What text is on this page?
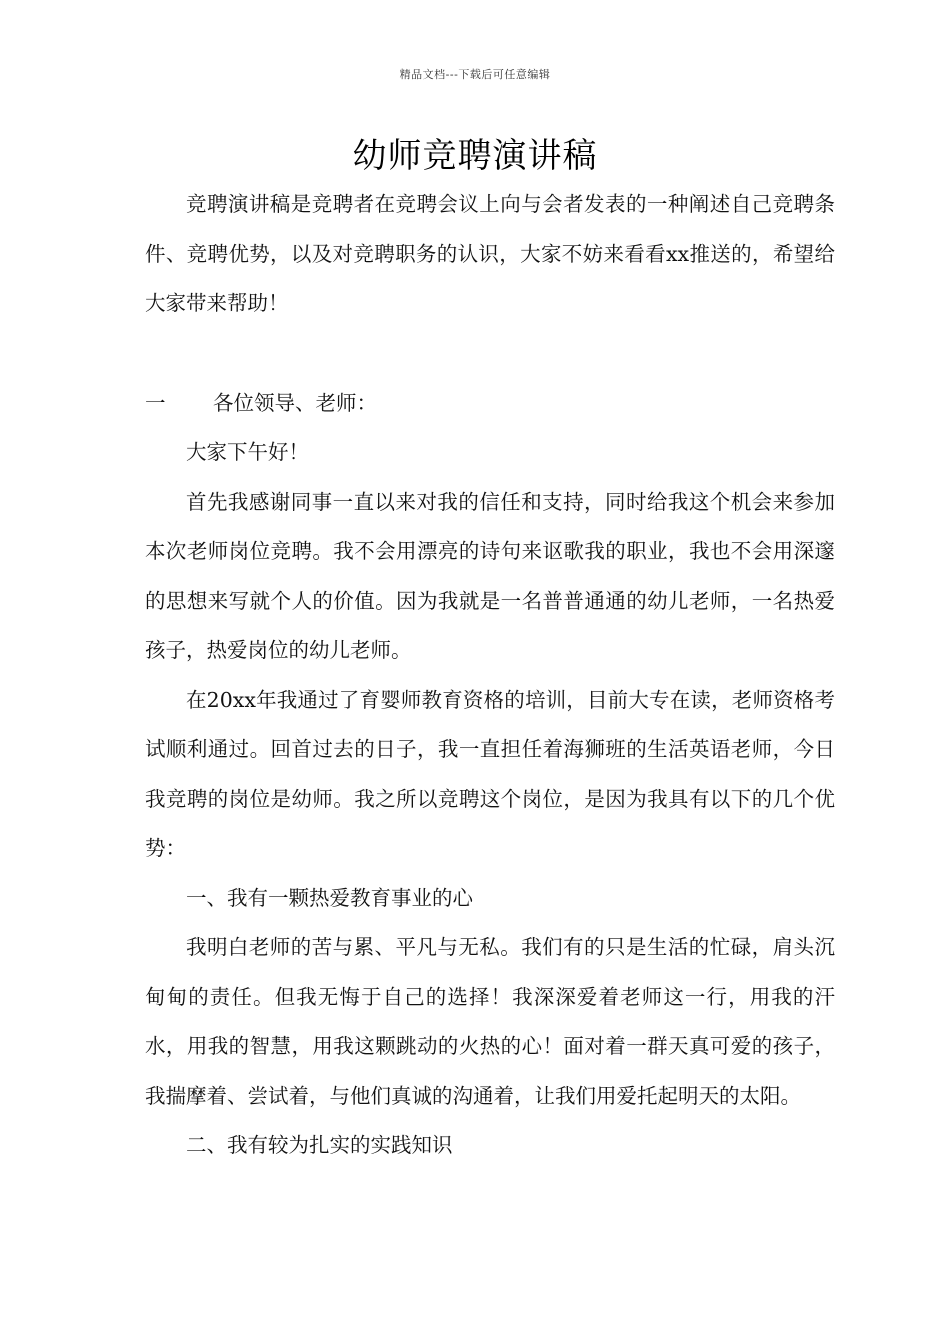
精品文档---下载后可任意编辑
幼师竞聘演讲稿

竞聘演讲稿是竞聘者在竞聘会议上向与会者发表的一种阐述自己竞聘条件、竞聘优势，以及对竞聘职务的认识，大家不妨来看看xx推送的，希望给大家带来帮助！

一	各位领导、老师：

大家下午好！

首先我感谢同事一直以来对我的信任和支持，同时给我这个机会来参加本次老师岗位竞聘。我不会用漂亮的诗句来讴歌我的职业，我也不会用深邃的思想来写就个人的价值。因为我就是一名普普通通的幼儿老师，一名热爱孩子，热爱岗位的幼儿老师。

在20xx年我通过了育婴师教育资格的培训，目前大专在读，老师资格考试顺利通过。回首过去的日子，我一直担任着海狮班的生活英语老师，今日我竞聘的岗位是幼师。我之所以竞聘这个岗位，是因为我具有以下的几个优势：

一、我有一颗热爱教育事业的心

我明白老师的苦与累、平凡与无私。我们有的只是生活的忙碌，肩头沉甸甸的责任。但我无悔于自己的选择！我深深爱着老师这一行，用我的汗水，用我的智慧，用我这颗跳动的火热的心！面对着一群天真可爱的孩子，我揣摩着、尝试着，与他们真诚的沟通着，让我们用爱托起明天的太阳。

二、我有较为扎实的实践知识
